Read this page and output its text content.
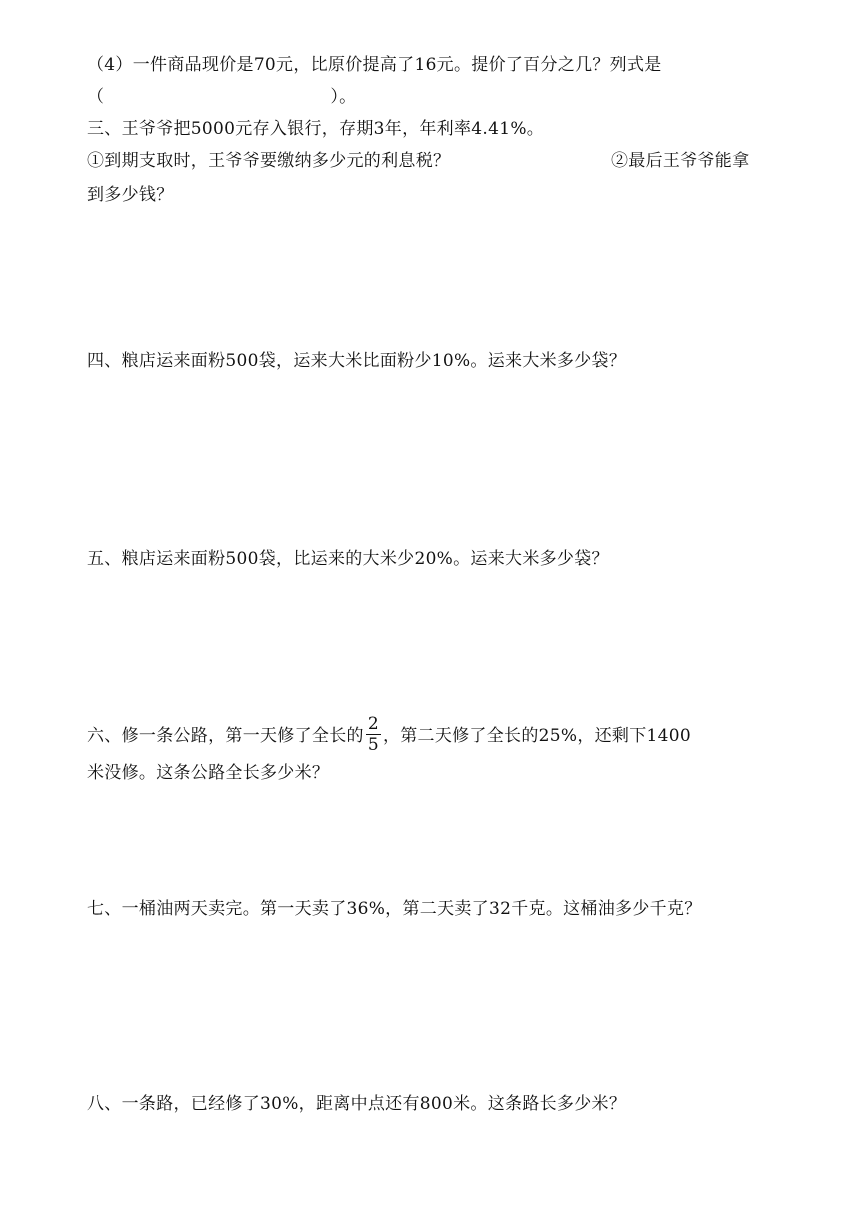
（4）一件商品现价是70元，比原价提高了16元。提价了百分之几？列式是
（	）。
三、王爷爷把5000元存入银行，存期3年，年利率4.41%。
①到期支取时，王爷爷要缴纳多少元的利息税？	②最后王爷爷能拿
到多少钱？
四、粮店运来面粉500袋，运来大米比面粉少10%。运来大米多少袋？
五、粮店运来面粉500袋，比运来的大米少20%。运来大米多少袋？
六、修一条公路，第一天修了全长的 $\frac{2}{5}$ ，第二天修了全长的25%，还剩下1400
米没修。这条公路全长多少米？
七、一桶油两天卖完。第一天卖了36%，第二天卖了32千克。这桶油多少千克？
八、一条路，已经修了30%，距离中点还有800米。这条路长多少米？
